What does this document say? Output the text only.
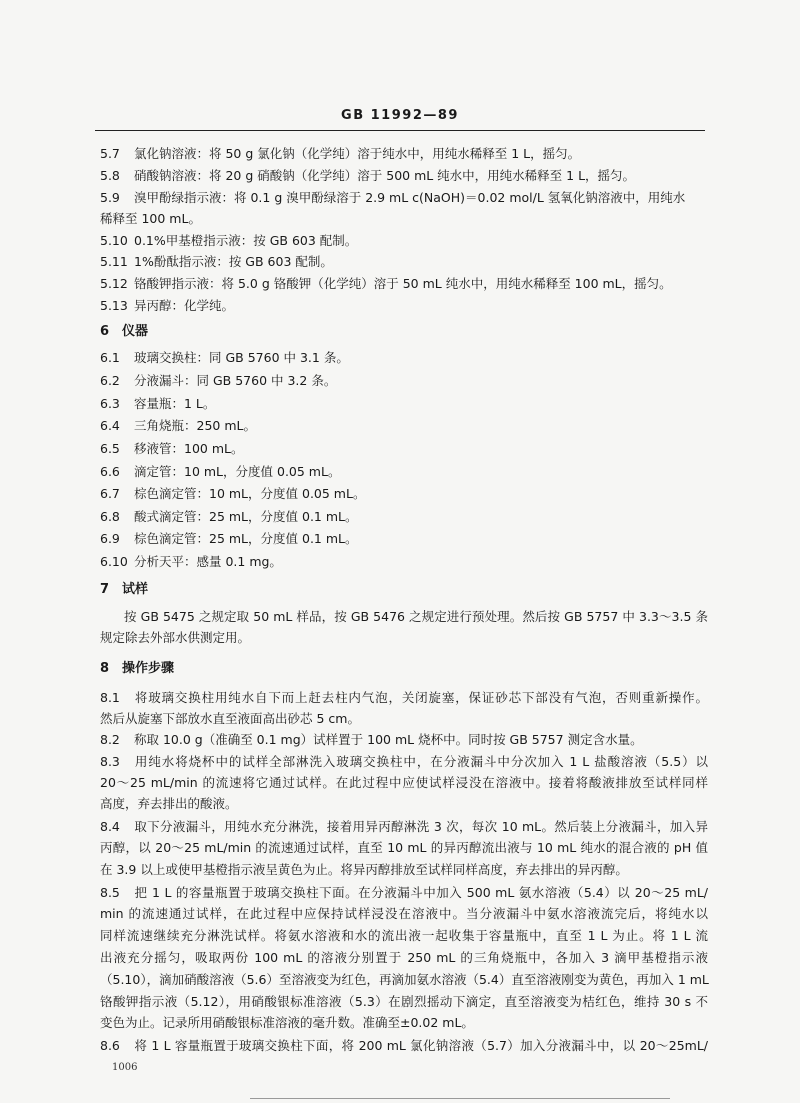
GB 11992—89
5.7 氯化钠溶液：将 50 g 氯化钠（化学纯）溶于纯水中，用纯水稀释至 1 L，摇匀。
5.8 硝酸钠溶液：将 20 g 硝酸钠（化学纯）溶于 500 mL 纯水中，用纯水稀释至 1 L，摇匀。
5.9 溴甲酚绿指示液：将 0.1 g 溴甲酚绿溶于 2.9 mL c(NaOH)＝0.02 mol/L 氢氧化钠溶液中，用纯水
稀释至 100 mL。
5.10 0.1%甲基橙指示液：按 GB 603 配制。
5.11 1%酚酞指示液：按 GB 603 配制。
5.12 铬酸钾指示液：将 5.0 g 铬酸钾（化学纯）溶于 50 mL 纯水中，用纯水稀释至 100 mL，摇匀。
5.13 异丙醇：化学纯。
6　仪器
6.1 玻璃交换柱：同 GB 5760 中 3.1 条。
6.2 分液漏斗：同 GB 5760 中 3.2 条。
6.3 容量瓶：1 L。
6.4 三角烧瓶：250 mL。
6.5 移液管：100 mL。
6.6 滴定管：10 mL，分度值 0.05 mL。
6.7 棕色滴定管：10 mL，分度值 0.05 mL。
6.8 酸式滴定管：25 mL，分度值 0.1 mL。
6.9 棕色滴定管：25 mL，分度值 0.1 mL。
6.10 分析天平：感量 0.1 mg。
7　试样
按 GB 5475 之规定取 50 mL 样品，按 GB 5476 之规定进行预处理。然后按 GB 5757 中 3.3～3.5 条
规定除去外部水供测定用。
8　操作步骤
8.1 将玻璃交换柱用纯水自下而上赶去柱内气泡，关闭旋塞，保证砂芯下部没有气泡，否则重新操作。
然后从旋塞下部放水直至液面高出砂芯 5 cm。
8.2 称取 10.0 g（准确至 0.1 mg）试样置于 100 mL 烧杯中。同时按 GB 5757 测定含水量。
8.3 用纯水将烧杯中的试样全部淋洗入玻璃交换柱中，在分液漏斗中分次加入 1 L 盐酸溶液（5.5）以
20～25 mL/min 的流速将它通过试样。在此过程中应使试样浸没在溶液中。接着将酸液排放至试样同样
高度，弃去排出的酸液。
8.4 取下分液漏斗，用纯水充分淋洗，接着用异丙醇淋洗 3 次，每次 10 mL。然后装上分液漏斗，加入异
丙醇，以 20～25 mL/min 的流速通过试样，直至 10 mL 的异丙醇流出液与 10 mL 纯水的混合液的 pH 值
在 3.9 以上或使甲基橙指示液呈黄色为止。将异丙醇排放至试样同样高度，弃去排出的异丙醇。
8.5 把 1 L 的容量瓶置于玻璃交换柱下面。在分液漏斗中加入 500 mL 氨水溶液（5.4）以 20～25 mL/
min 的流速通过试样，在此过程中应保持试样浸没在溶液中。当分液漏斗中氨水溶液流完后，将纯水以
同样流速继续充分淋洗试样。将氨水溶液和水的流出液一起收集于容量瓶中，直至 1 L 为止。将 1 L 流
出液充分摇匀，吸取两份 100 mL 的溶液分别置于 250 mL 的三角烧瓶中，各加入 3 滴甲基橙指示液
（5.10），滴加硝酸溶液（5.6）至溶液变为红色，再滴加氨水溶液（5.4）直至溶液刚变为黄色，再加入 1 mL
铬酸钾指示液（5.12），用硝酸银标准溶液（5.3）在剧烈摇动下滴定，直至溶液变为桔红色，维持 30 s 不
变色为止。记录所用硝酸银标准溶液的毫升数。准确至±0.02 mL。
8.6 将 1 L 容量瓶置于玻璃交换柱下面，将 200 mL 氯化钠溶液（5.7）加入分液漏斗中，以 20～25mL/
1006
